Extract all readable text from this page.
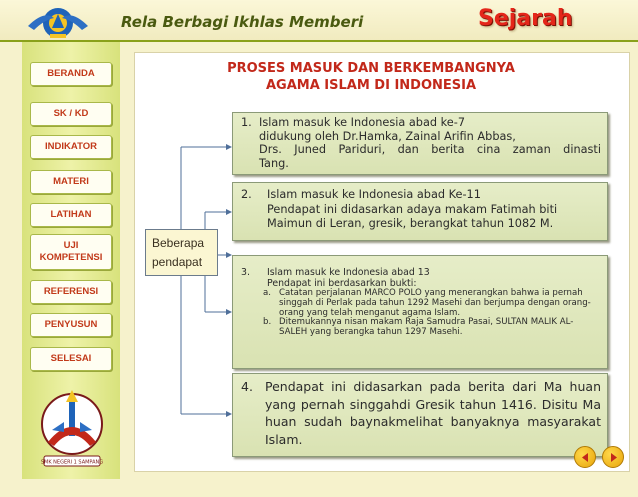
Rela Berbagi Ikhlas Memberi	Sejarah
BERANDA
SK / KD
INDIKATOR
MATERI
LATIHAN
UJI KOMPETENSI
REFERENSI
PENYUSUN
SELESAI
SMK NEGERI 1 SAMPANG
PROSES MASUK DAN BERKEMBANGNYA
AGAMA ISLAM DI INDONESIA
Beberapa
pendapat
1. Islam masuk ke Indonesia abad ke-7
didukung oleh Dr.Hamka, Zainal Arifin Abbas,
Drs. Juned Pariduri, dan berita cina zaman dinasti
Tang.
2.	Islam masuk ke Indonesia abad Ke-11
Pendapat ini didasarkan adaya makam Fatimah biti
Maimun di Leran, gresik, berangkat tahun 1082 M.
3.	Islam masuk ke Indonesia abad 13
Pendapat ini berdasarkan bukti:
a. Catatan perjalanan MARCO POLO yang menerangkan bahwa ia pernah singgah di Perlak pada tahun 1292 Masehi dan berjumpa dengan orang-orang yang telah menganut agama Islam.
b. Ditemukannya nisan makam Raja Samudra Pasai, SULTAN MALIK AL-SALEH yang berangka tahun 1297 Masehi.
4. Pendapat ini didasarkan pada berita dari Ma huan yang pernah singgahdi Gresik tahun 1416. Disitu Ma huan sudah baynakmelihat banyaknya masyarakat Islam.
